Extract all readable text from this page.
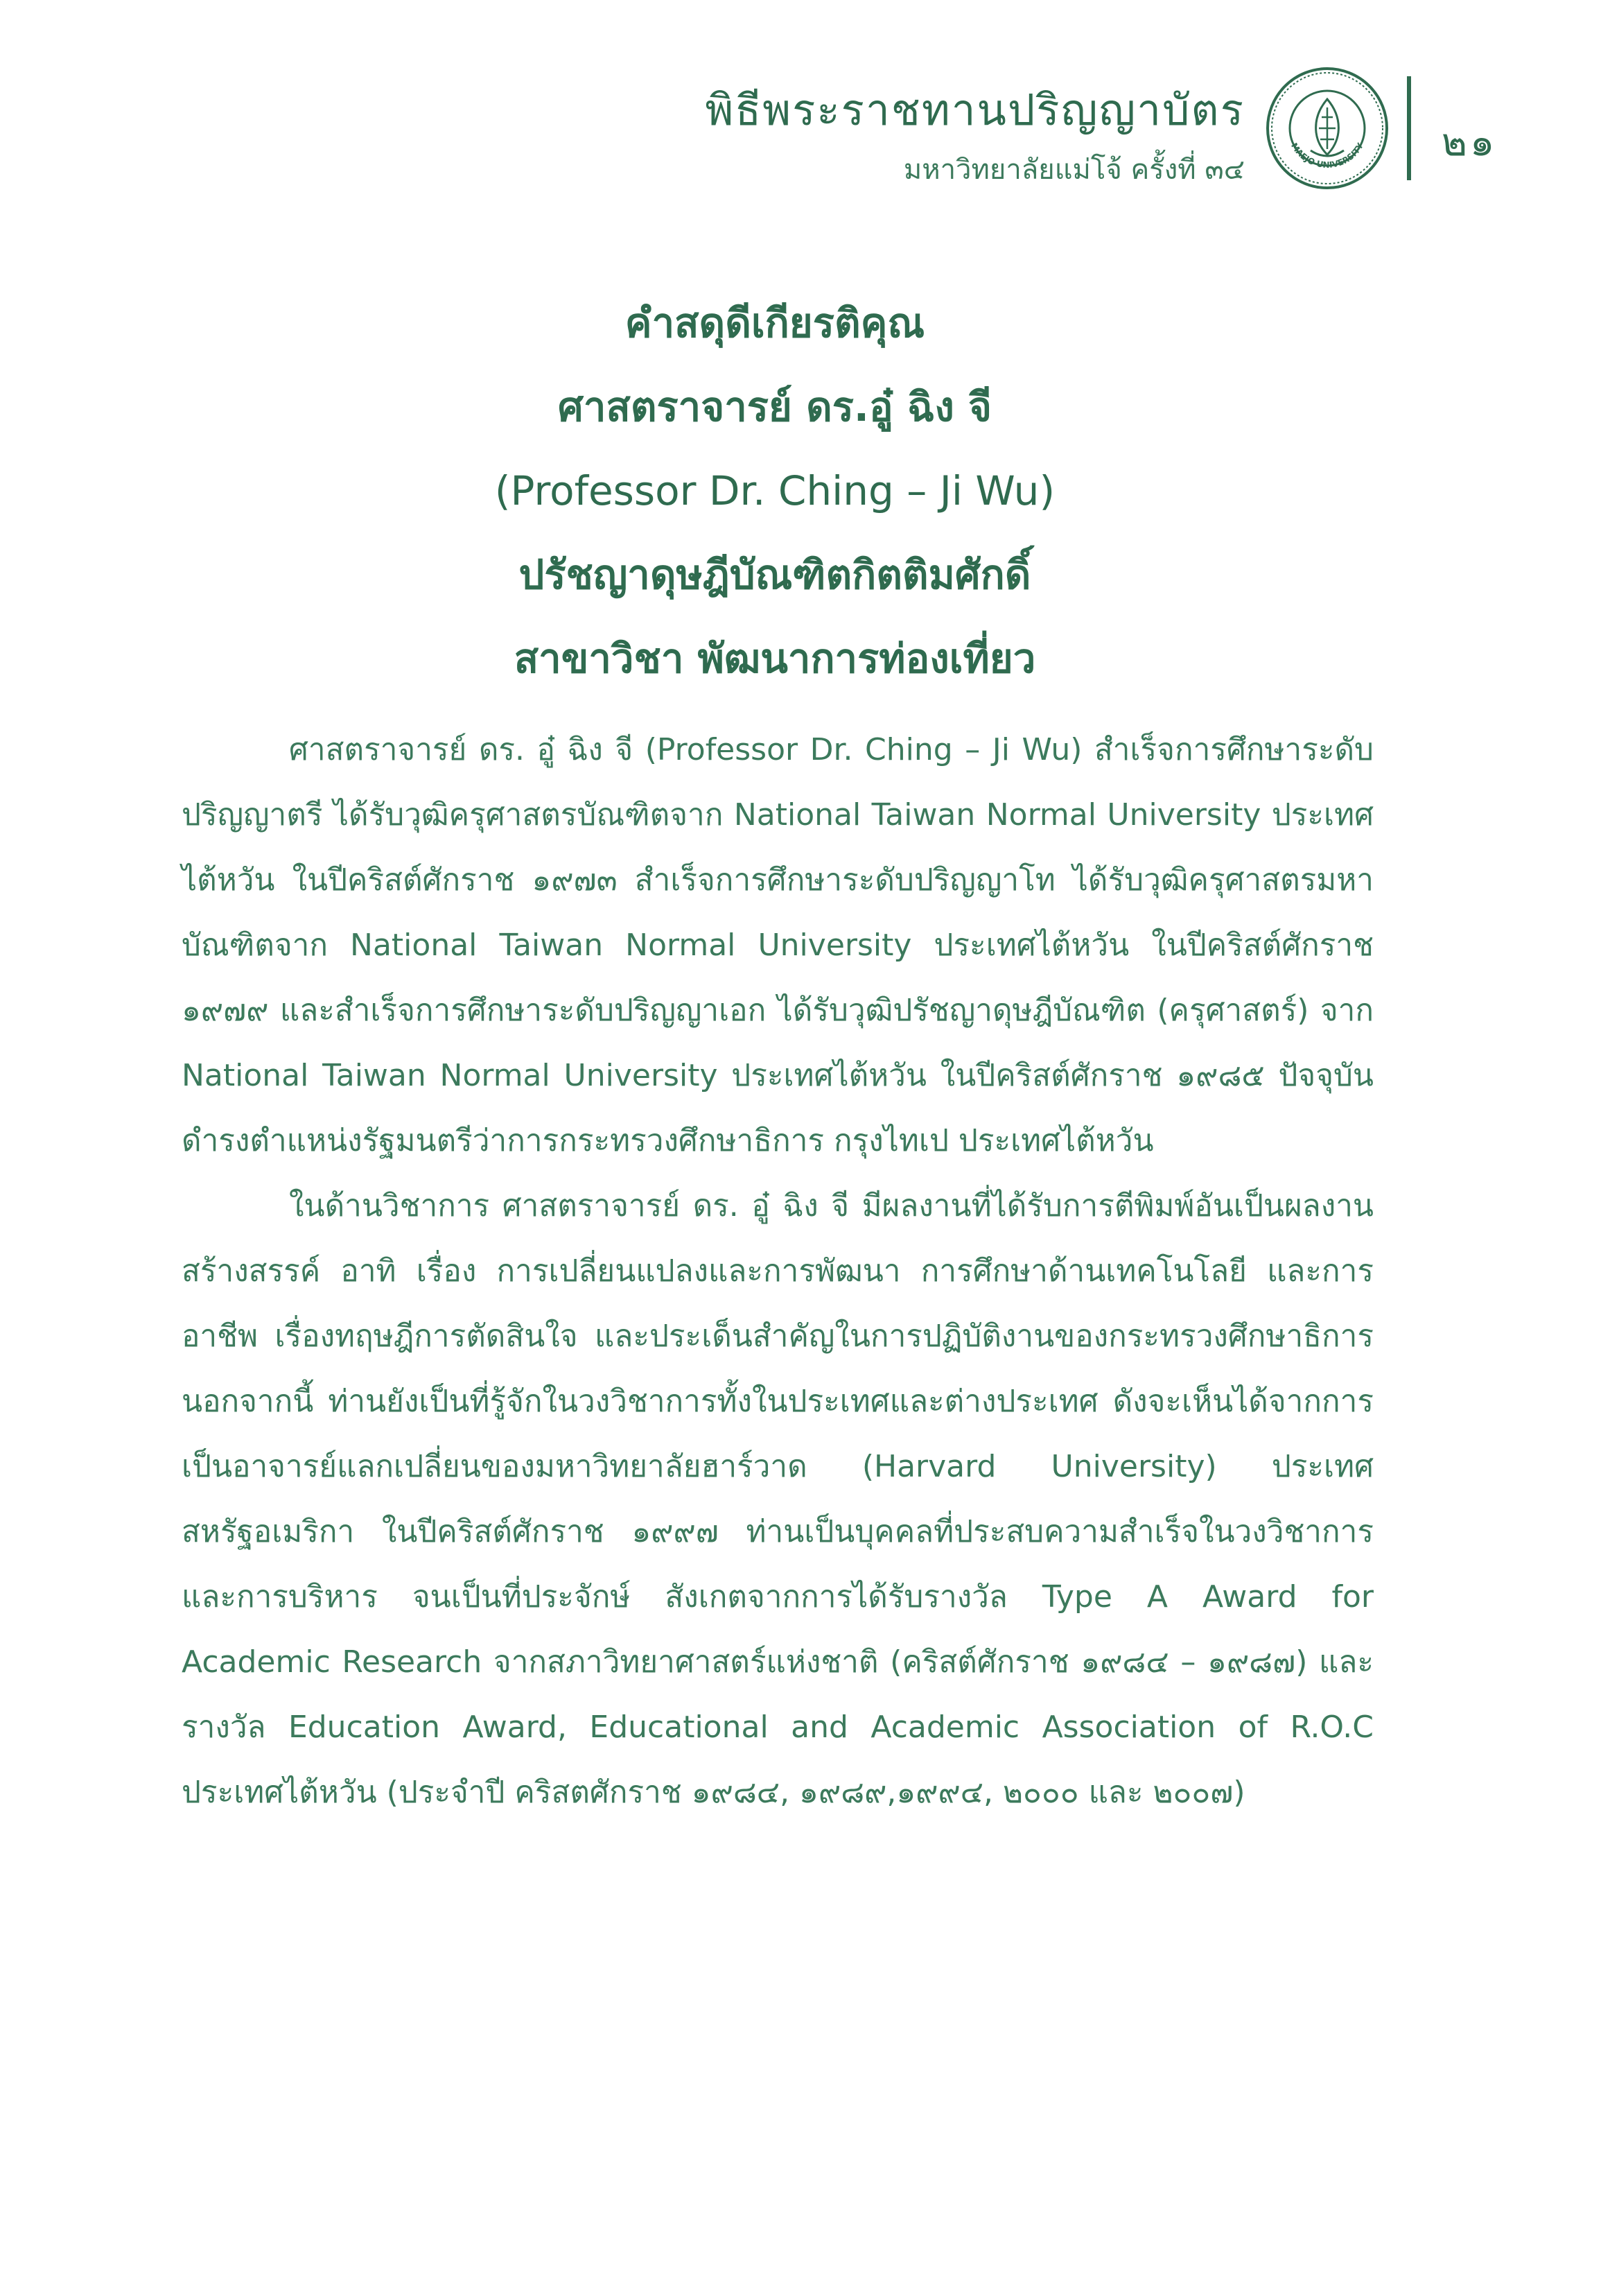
พิธีพระราชทานปริญญาบัตร
มหาวิทยาลัยแม่โจ้ ครั้งที่ ๓๔
MAEJO UNIVERSITY ๒๑
คำสดุดีเกียรติคุณ
ศาสตราจารย์ ดร.อู๋ ฉิง จี
(Professor Dr. Ching – Ji Wu)
ปรัชญาดุษฎีบัณฑิตกิตติมศักดิ์
สาขาวิชา พัฒนาการท่องเที่ยว

ศาสตราจารย์ ดร. อู๋ ฉิง จี (Professor Dr. Ching – Ji Wu) สำเร็จการศึกษาระดับปริญญาตรี ได้รับวุฒิครุศาสตรบัณฑิตจาก National Taiwan Normal University ประเทศไต้หวัน ในปีคริสต์ศักราช ๑๙๗๓ สำเร็จการศึกษาระดับปริญญาโท ได้รับวุฒิครุศาสตรมหาบัณฑิตจาก National Taiwan Normal University ประเทศไต้หวัน ในปีคริสต์ศักราช ๑๙๗๙ และสำเร็จการศึกษาระดับปริญญาเอก ได้รับวุฒิปรัชญาดุษฎีบัณฑิต (ครุศาสตร์) จาก National Taiwan Normal University ประเทศไต้หวัน ในปีคริสต์ศักราช ๑๙๘๕ ปัจจุบันดำรงตำแหน่งรัฐมนตรีว่าการกระทรวงศึกษาธิการ กรุงไทเป ประเทศไต้หวัน

ในด้านวิชาการ ศาสตราจารย์ ดร. อู๋ ฉิง จี มีผลงานที่ได้รับการตีพิมพ์อันเป็นผลงานสร้างสรรค์ อาทิ เรื่อง การเปลี่ยนแปลงและการพัฒนา การศึกษาด้านเทคโนโลยี และการอาชีพ เรื่องทฤษฎีการตัดสินใจ และประเด็นสำคัญในการปฏิบัติงานของกระทรวงศึกษาธิการ นอกจากนี้ ท่านยังเป็นที่รู้จักในวงวิชาการทั้งในประเทศและต่างประเทศ ดังจะเห็นได้จากการเป็นอาจารย์แลกเปลี่ยนของมหาวิทยาลัยฮาร์วาด (Harvard University) ประเทศสหรัฐอเมริกา ในปีคริสต์ศักราช ๑๙๙๗ ท่านเป็นบุคคลที่ประสบความสำเร็จในวงวิชาการและการบริหาร จนเป็นที่ประจักษ์ สังเกตจากการได้รับรางวัล Type A Award for Academic Research จากสภาวิทยาศาสตร์แห่งชาติ (คริสต์ศักราช ๑๙๘๔ – ๑๙๘๗) และรางวัล Education Award, Educational and Academic Association of R.O.C ประเทศไต้หวัน (ประจำปี คริสตศักราช ๑๙๘๔, ๑๙๘๙,๑๙๙๔, ๒๐๐๐ และ ๒๐๐๗)
